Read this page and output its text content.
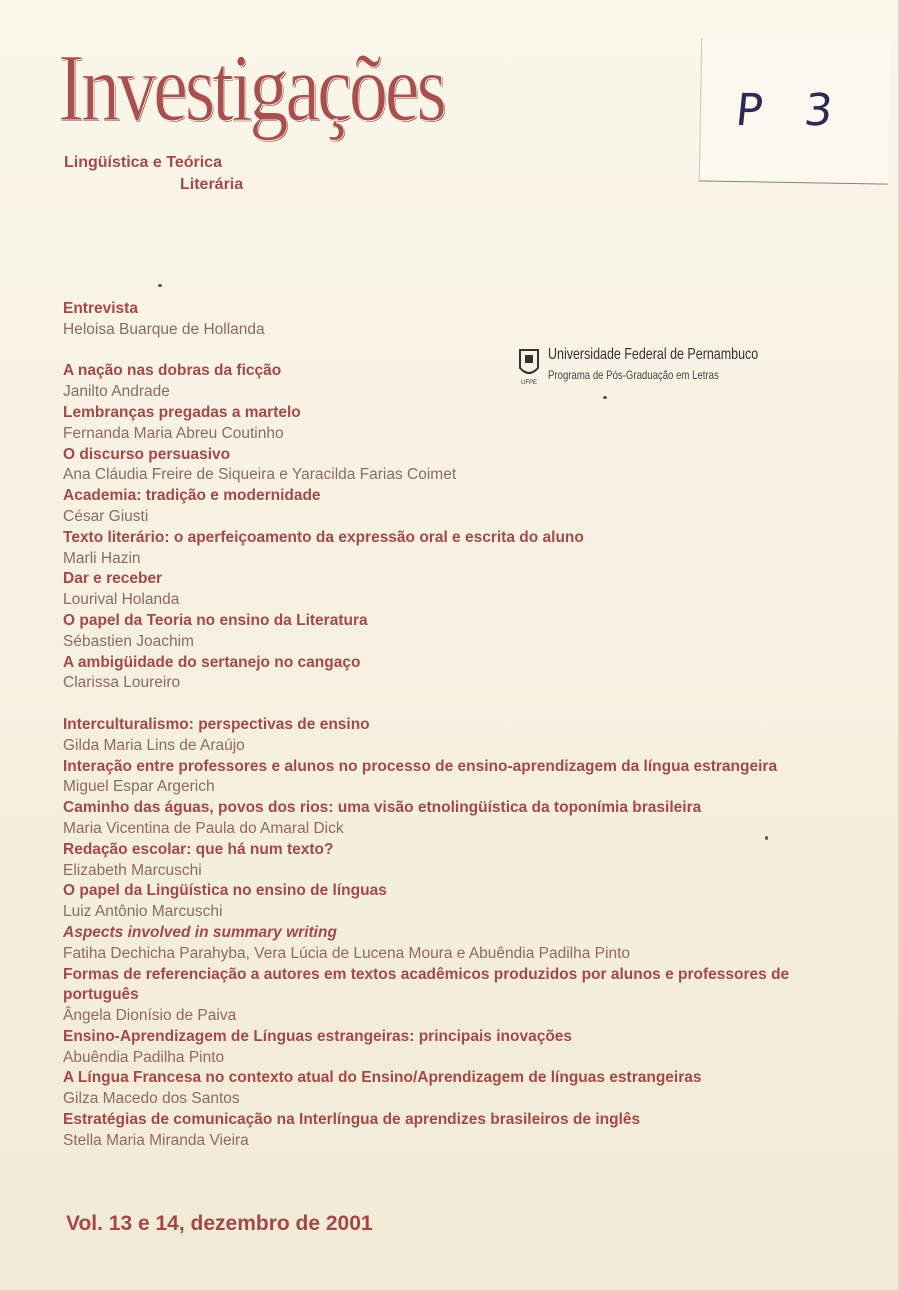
Investigações
Lingüística e Teórica
Literária
P 3
UFPE
Universidade Federal de Pernambuco
Programa de Pós-Graduação em Letras
Entrevista
Heloisa Buarque de Hollanda
A nação nas dobras da ficção
Janilto Andrade
Lembranças pregadas a martelo
Fernanda Maria Abreu Coutinho
O discurso persuasivo
Ana Cláudia Freire de Siqueira e Yaracilda Farias Coimet
Academia: tradição e modernidade
César Giusti
Texto literário: o aperfeiçoamento da expressão oral e escrita do aluno
Marli Hazin
Dar e receber
Lourival Holanda
O papel da Teoria no ensino da Literatura
Sébastien Joachim
A ambigüidade do sertanejo no cangaço
Clarissa Loureiro
Interculturalismo: perspectivas de ensino
Gilda Maria Lins de Araújo
Interação entre professores e alunos no processo de ensino-aprendizagem da língua estrangeira
Miguel Espar Argerich
Caminho das águas, povos dos rios: uma visão etnolingüística da toponímia brasileira
Maria Vicentina de Paula do Amaral Dick
Redação escolar: que há num texto?
Elizabeth Marcuschi
O papel da Lingüística no ensino de línguas
Luiz Antônio Marcuschi
Aspects involved in summary writing
Fatiha Dechicha Parahyba, Vera Lúcia de Lucena Moura e Abuêndia Padilha Pinto
Formas de referenciação a autores em textos acadêmicos produzidos por alunos e professores de português
Ângela Dionísio de Paiva
Ensino-Aprendizagem de Línguas estrangeiras: principais inovações
Abuêndia Padilha Pinto
A Língua Francesa no contexto atual do Ensino/Aprendizagem de línguas estrangeiras
Gilza Macedo dos Santos
Estratégias de comunicação na Interlíngua de aprendizes brasileiros de inglês
Stella Maria Miranda Vieira
Vol. 13 e 14, dezembro de 2001
